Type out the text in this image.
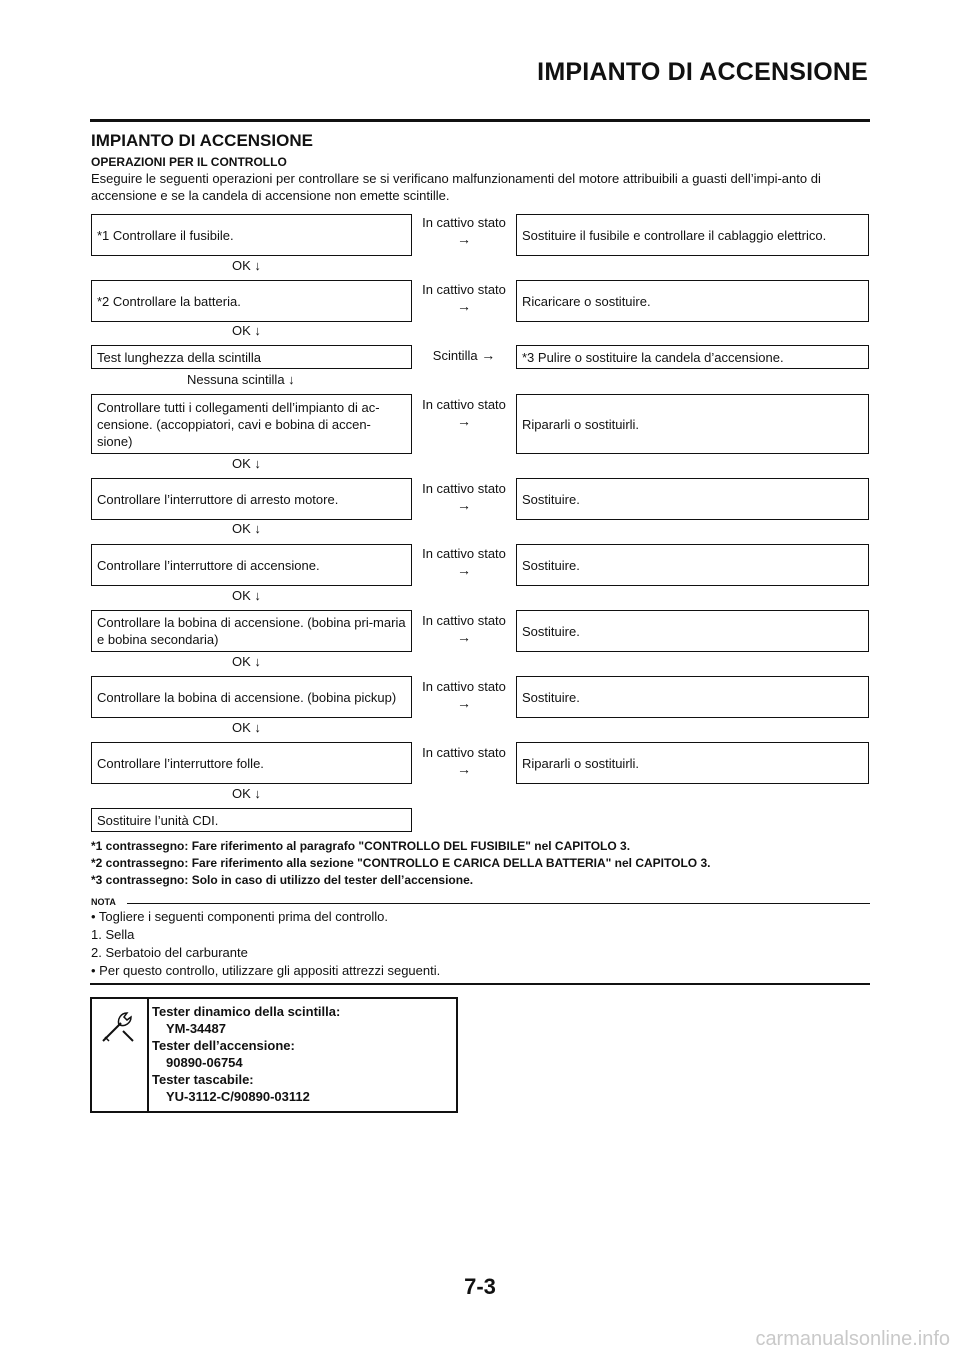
IMPIANTO DI ACCENSIONE
IMPIANTO DI ACCENSIONE
OPERAZIONI PER IL CONTROLLO
Eseguire le seguenti operazioni per controllare se si verificano malfunzionamenti del motore attribuibili a guasti dell’impi-anto di accensione e se la candela di accensione non emette scintille.
*1 Controllare il fusibile.
In cattivo stato
→	Sostituire il fusibile e controllare il cablaggio elettrico.
OK ↓
*2 Controllare la batteria.
In cattivo stato
→	Ricaricare o sostituire.
OK ↓
Test lunghezza della scintilla	Scintilla →	*3 Pulire o sostituire la candela d’accensione.
Nessuna scintilla ↓
Controllare tutti i collegamenti dell’impianto di ac-censione. (accoppiatori, cavi e bobina di accen-sione)
In cattivo stato
→	Ripararli o sostituirli.
OK ↓
Controllare l’interruttore di arresto motore.
In cattivo stato
→	Sostituire.
OK ↓
Controllare l’interruttore di accensione.
In cattivo stato
→	Sostituire.
OK ↓
Controllare la bobina di accensione. (bobina pri-maria e bobina secondaria)
In cattivo stato
→	Sostituire.
OK ↓
Controllare la bobina di accensione. (bobina pickup)
In cattivo stato
→	Sostituire.
OK ↓
Controllare l’interruttore folle.
In cattivo stato
→	Ripararli o sostituirli.
OK ↓
Sostituire l’unità CDI.
*1 contrassegno: Fare riferimento al paragrafo "CONTROLLO DEL FUSIBILE" nel CAPITOLO 3.
*2 contrassegno: Fare riferimento alla sezione "CONTROLLO E CARICA DELLA BATTERIA" nel CAPITOLO 3.
*3 contrassegno: Solo in caso di utilizzo del tester dell’accensione.
NOTA
• Togliere i seguenti componenti prima del controllo.
1. Sella
2. Serbatoio del carburante
• Per questo controllo, utilizzare gli appositi attrezzi seguenti.
Tester dinamico della scintilla:
YM-34487
Tester dell’accensione:
90890-06754
Tester tascabile:
YU-3112-C/90890-03112
7-3
carmanualsonline.info
